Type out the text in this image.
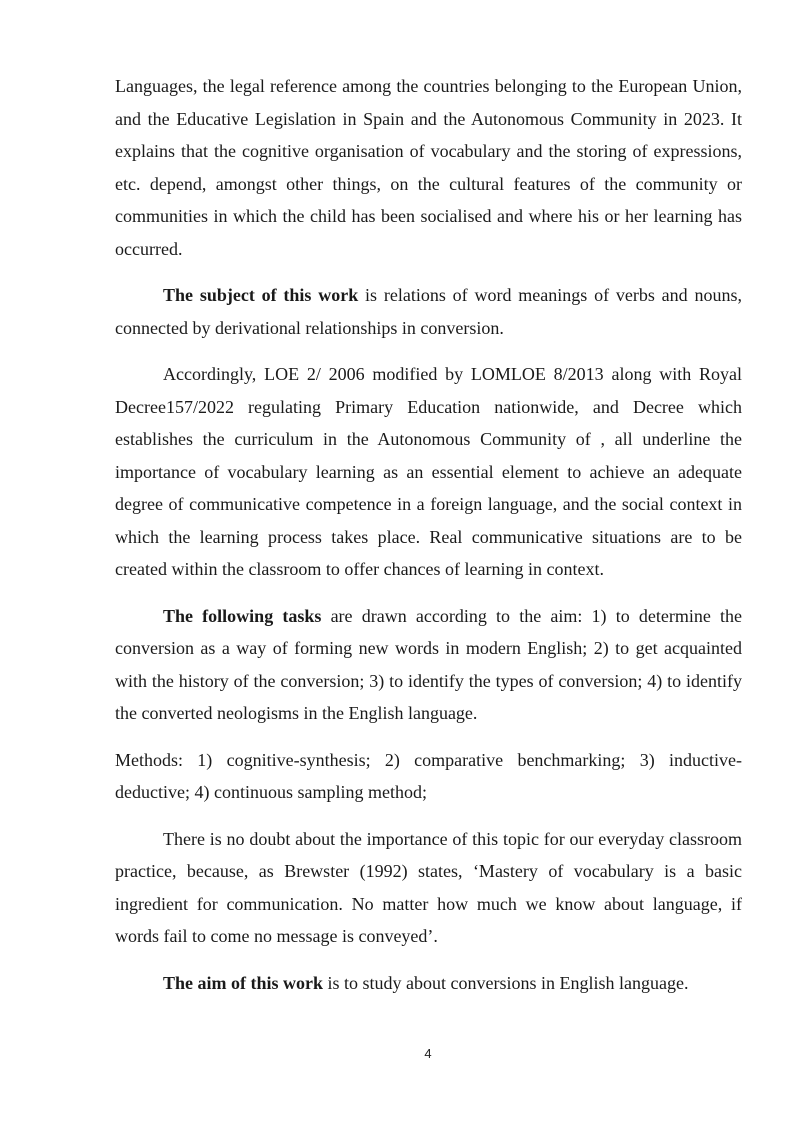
Languages, the legal reference among the countries belonging to the European Union, and the Educative Legislation in Spain and the Autonomous Community in 2023. It explains that the cognitive organisation of vocabulary and the storing of expressions, etc. depend, amongst other things, on the cultural features of the community or communities in which the child has been socialised and where his or her learning has occurred.

The subject of this work is relations of word meanings of verbs and nouns, connected by derivational relationships in conversion.

Accordingly, LOE 2/ 2006 modified by LOMLOE 8/2013 along with Royal Decree157/2022 regulating Primary Education nationwide, and Decree which establishes the curriculum in the Autonomous Community of , all underline the importance of vocabulary learning as an essential element to achieve an adequate degree of communicative competence in a foreign language, and the social context in which the learning process takes place. Real communicative situations are to be created within the classroom to offer chances of learning in context.

The following tasks are drawn according to the aim: 1) to determine the conversion as a way of forming new words in modern English; 2) to get acquainted with the history of the conversion; 3) to identify the types of conversion; 4) to identify the converted neologisms in the English language.

Methods: 1) cognitive-synthesis; 2) comparative benchmarking; 3) inductive-deductive; 4) continuous sampling method;

There is no doubt about the importance of this topic for our everyday classroom practice, because, as Brewster (1992) states, ‘Mastery of vocabulary is a basic ingredient for communication. No matter how much we know about language, if words fail to come no message is conveyed’.

The aim of this work is to study about conversions in English language.

4
